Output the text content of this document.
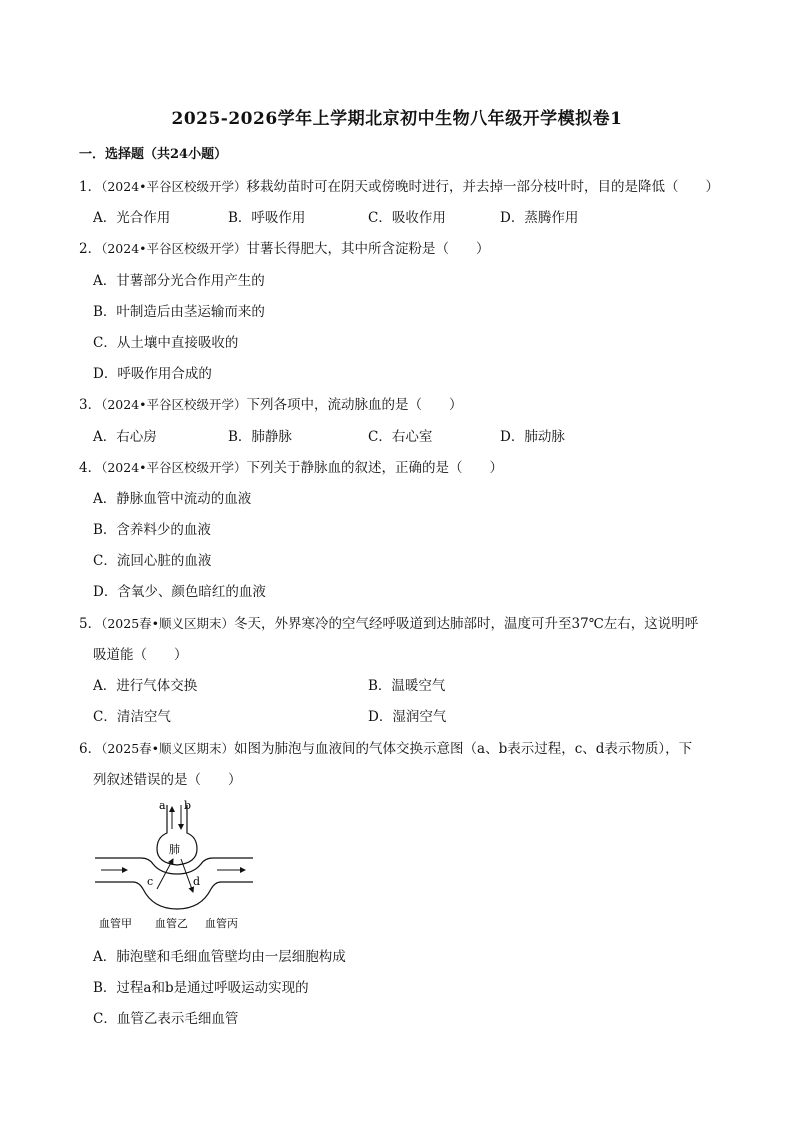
2025-2026学年上学期北京初中生物八年级开学模拟卷1
一．选择题（共24小题）
1．（2024•平谷区校级开学）移栽幼苗时可在阴天或傍晚时进行，并去掉一部分枝叶时，目的是降低（　　）
A．光合作用	B．呼吸作用	C．吸收作用	D．蒸腾作用
2．（2024•平谷区校级开学）甘薯长得肥大，其中所含淀粉是（　　）
A．甘薯部分光合作用产生的
B．叶制造后由茎运输而来的
C．从土壤中直接吸收的
D．呼吸作用合成的
3．（2024•平谷区校级开学）下列各项中，流动脉血的是（　　）
A．右心房	B．肺静脉	C．右心室	D．肺动脉
4．（2024•平谷区校级开学）下列关于静脉血的叙述，正确的是（　　）
A．静脉血管中流动的血液
B．含养料少的血液
C．流回心脏的血液
D．含氧少、颜色暗红的血液
5．（2025春•顺义区期末）冬天，外界寒冷的空气经呼吸道到达肺部时，温度可升至37℃左右，这说明呼
吸道能（　　）
A．进行气体交换	B．温暖空气
C．清洁空气	D．湿润空气
6．（2025春•顺义区期末）如图为肺泡与血液间的气体交换示意图（a、b表示过程，c、d表示物质），下
列叙述错误的是（　　）
a b
肺
c	d
血管甲 血管乙 血管丙
A．肺泡壁和毛细血管壁均由一层细胞构成
B．过程a和b是通过呼吸运动实现的
C．血管乙表示毛细血管
